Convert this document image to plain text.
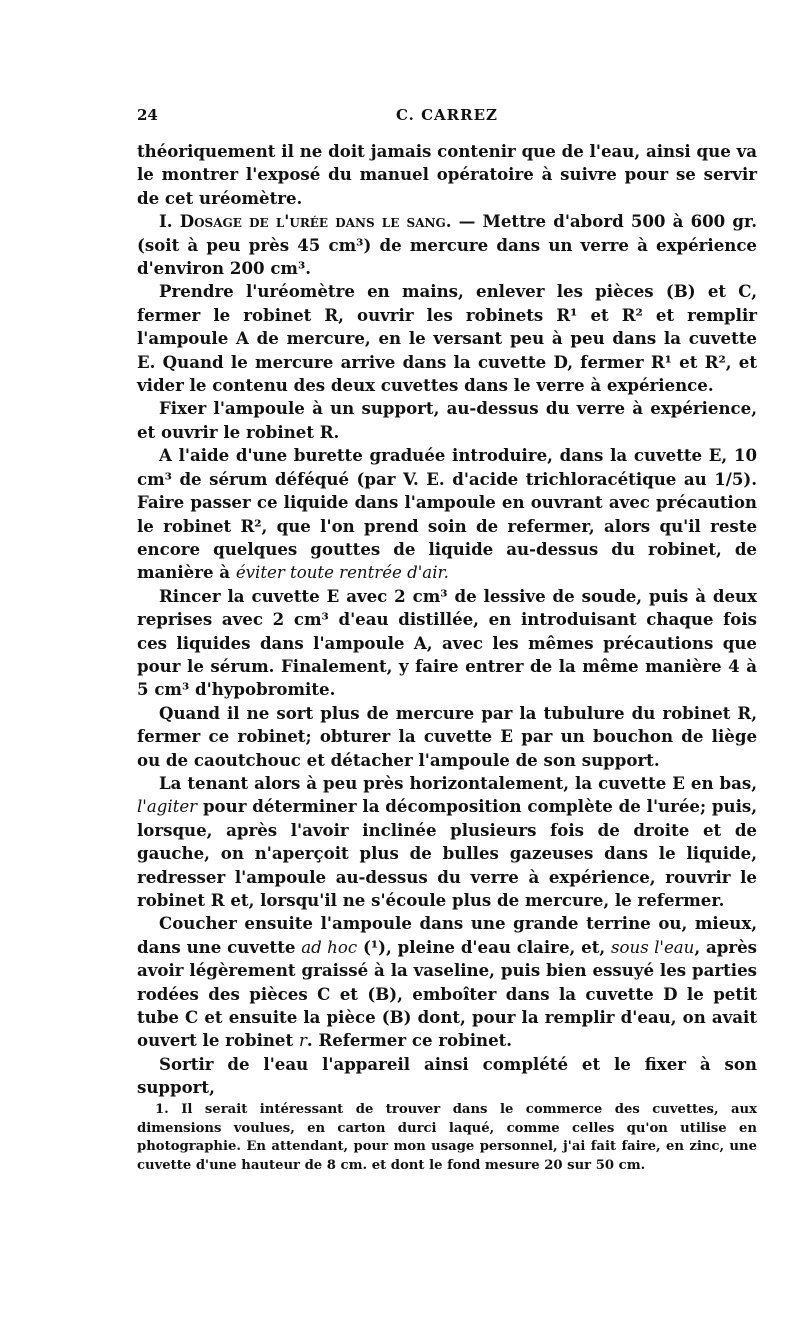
24	C. CARREZ

théoriquement il ne doit jamais contenir que de l'eau, ainsi que va le montrer l'exposé du manuel opératoire à suivre pour se servir de cet uréomètre.

I. Dosage de l'urée dans le sang. — Mettre d'abord 500 à 600 gr. (soit à peu près 45 cm³) de mercure dans un verre à expérience d'environ 200 cm³.

Prendre l'uréomètre en mains, enlever les pièces (B) et C, fermer le robinet R, ouvrir les robinets R¹ et R² et remplir l'ampoule A de mercure, en le versant peu à peu dans la cuvette E. Quand le mercure arrive dans la cuvette D, fermer R¹ et R², et vider le contenu des deux cuvettes dans le verre à expérience.

Fixer l'ampoule à un support, au-dessus du verre à expérience, et ouvrir le robinet R.

A l'aide d'une burette graduée introduire, dans la cuvette E, 10 cm³ de sérum déféqué (par V. E. d'acide trichloracétique au 1/5). Faire passer ce liquide dans l'ampoule en ouvrant avec précaution le robinet R², que l'on prend soin de refermer, alors qu'il reste encore quelques gouttes de liquide au-dessus du robinet, de manière à éviter toute rentrée d'air.

Rincer la cuvette E avec 2 cm³ de lessive de soude, puis à deux reprises avec 2 cm³ d'eau distillée, en introduisant chaque fois ces liquides dans l'ampoule A, avec les mêmes précautions que pour le sérum. Finalement, y faire entrer de la même manière 4 à 5 cm³ d'hypobromite.

Quand il ne sort plus de mercure par la tubulure du robinet R, fermer ce robinet; obturer la cuvette E par un bouchon de liège ou de caoutchouc et détacher l'ampoule de son support.

La tenant alors à peu près horizontalement, la cuvette E en bas, l'agiter pour déterminer la décomposition complète de l'urée; puis, lorsque, après l'avoir inclinée plusieurs fois de droite et de gauche, on n'aperçoit plus de bulles gazeuses dans le liquide, redresser l'ampoule au-dessus du verre à expérience, rouvrir le robinet R et, lorsqu'il ne s'écoule plus de mercure, le refermer.

Coucher ensuite l'ampoule dans une grande terrine ou, mieux, dans une cuvette ad hoc (¹), pleine d'eau claire, et, sous l'eau, après avoir légèrement graissé à la vaseline, puis bien essuyé les parties rodées des pièces C et (B), emboîter dans la cuvette D le petit tube C et ensuite la pièce (B) dont, pour la remplir d'eau, on avait ouvert le robinet r. Refermer ce robinet.

Sortir de l'eau l'appareil ainsi complété et le fixer à son support,

1. Il serait intéressant de trouver dans le commerce des cuvettes, aux dimensions voulues, en carton durci laqué, comme celles qu'on utilise en photographie. En attendant, pour mon usage personnel, j'ai fait faire, en zinc, une cuvette d'une hauteur de 8 cm. et dont le fond mesure 20 sur 50 cm.
